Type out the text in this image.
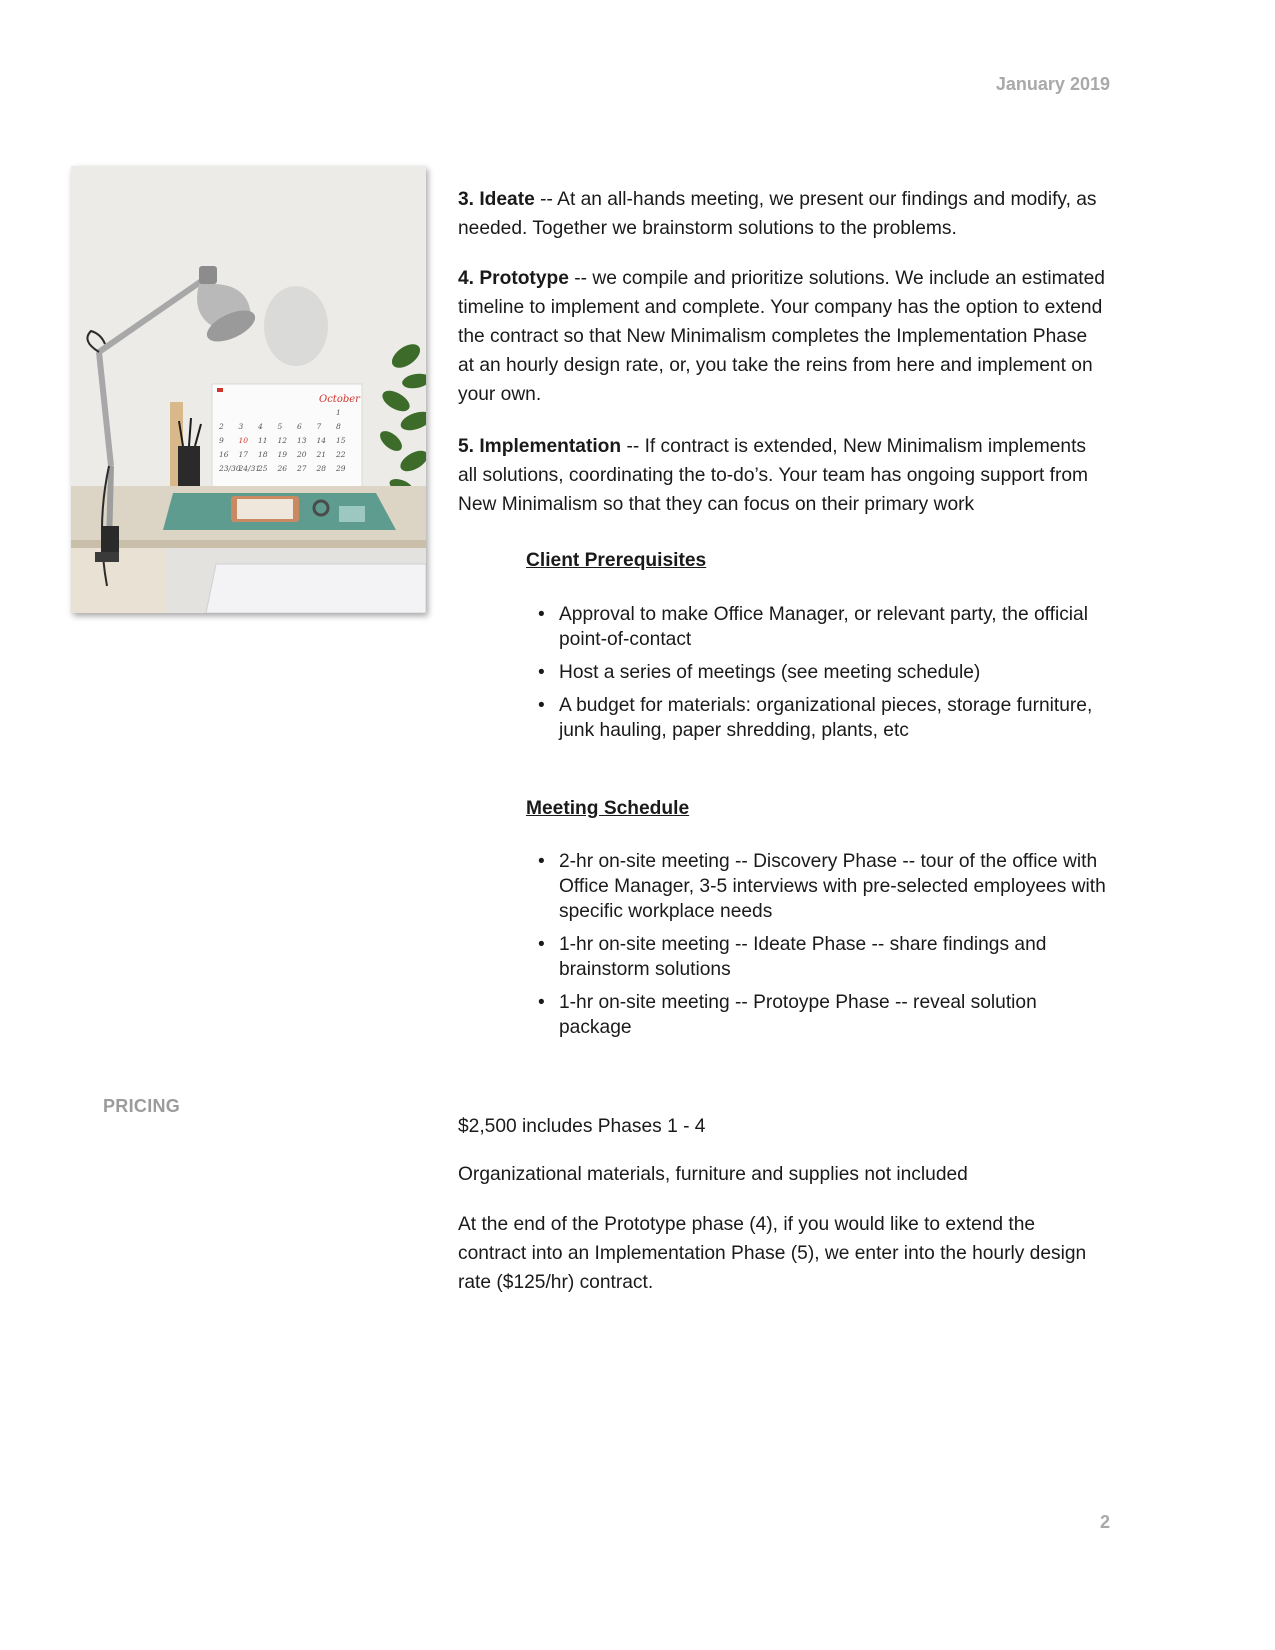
January 2019
October
1
2 3 4 5 6 7 8
9 10 11 12 13 14 15
16 17 18 19 20 21 22
23/30
24/31
25 26 27 28 29

3. Ideate -- At an all-hands meeting, we present our findings and modify, as needed. Together we brainstorm solutions to the problems.

4. Prototype -- we compile and prioritize solutions. We include an estimated timeline to implement and complete. Your company has the option to extend the contract so that New Minimalism completes the Implementation Phase at an hourly design rate, or, you take the reins from here and implement on your own.

5. Implementation -- If contract is extended, New Minimalism implements all solutions, coordinating the to-do’s. Your team has ongoing support from New Minimalism so that they can focus on their primary work

Client Prerequisites
• Approval to make Office Manager, or relevant party, the official point-of-contact
• Host a series of meetings (see meeting schedule)
• A budget for materials: organizational pieces, storage furniture, junk hauling, paper shredding, plants, etc
Meeting Schedule
• 2-hr on-site meeting -- Discovery Phase -- tour of the office with Office Manager, 3-5 interviews with pre-selected employees with specific workplace needs
• 1-hr on-site meeting -- Ideate Phase -- share findings and brainstorm solutions
• 1-hr on-site meeting -- Protoype Phase -- reveal solution package
PRICING

$2,500 includes Phases 1 - 4

Organizational materials, furniture and supplies not included

At the end of the Prototype phase (4), if you would like to extend the contract into an Implementation Phase (5), we enter into the hourly design rate ($125/hr) contract.

2
